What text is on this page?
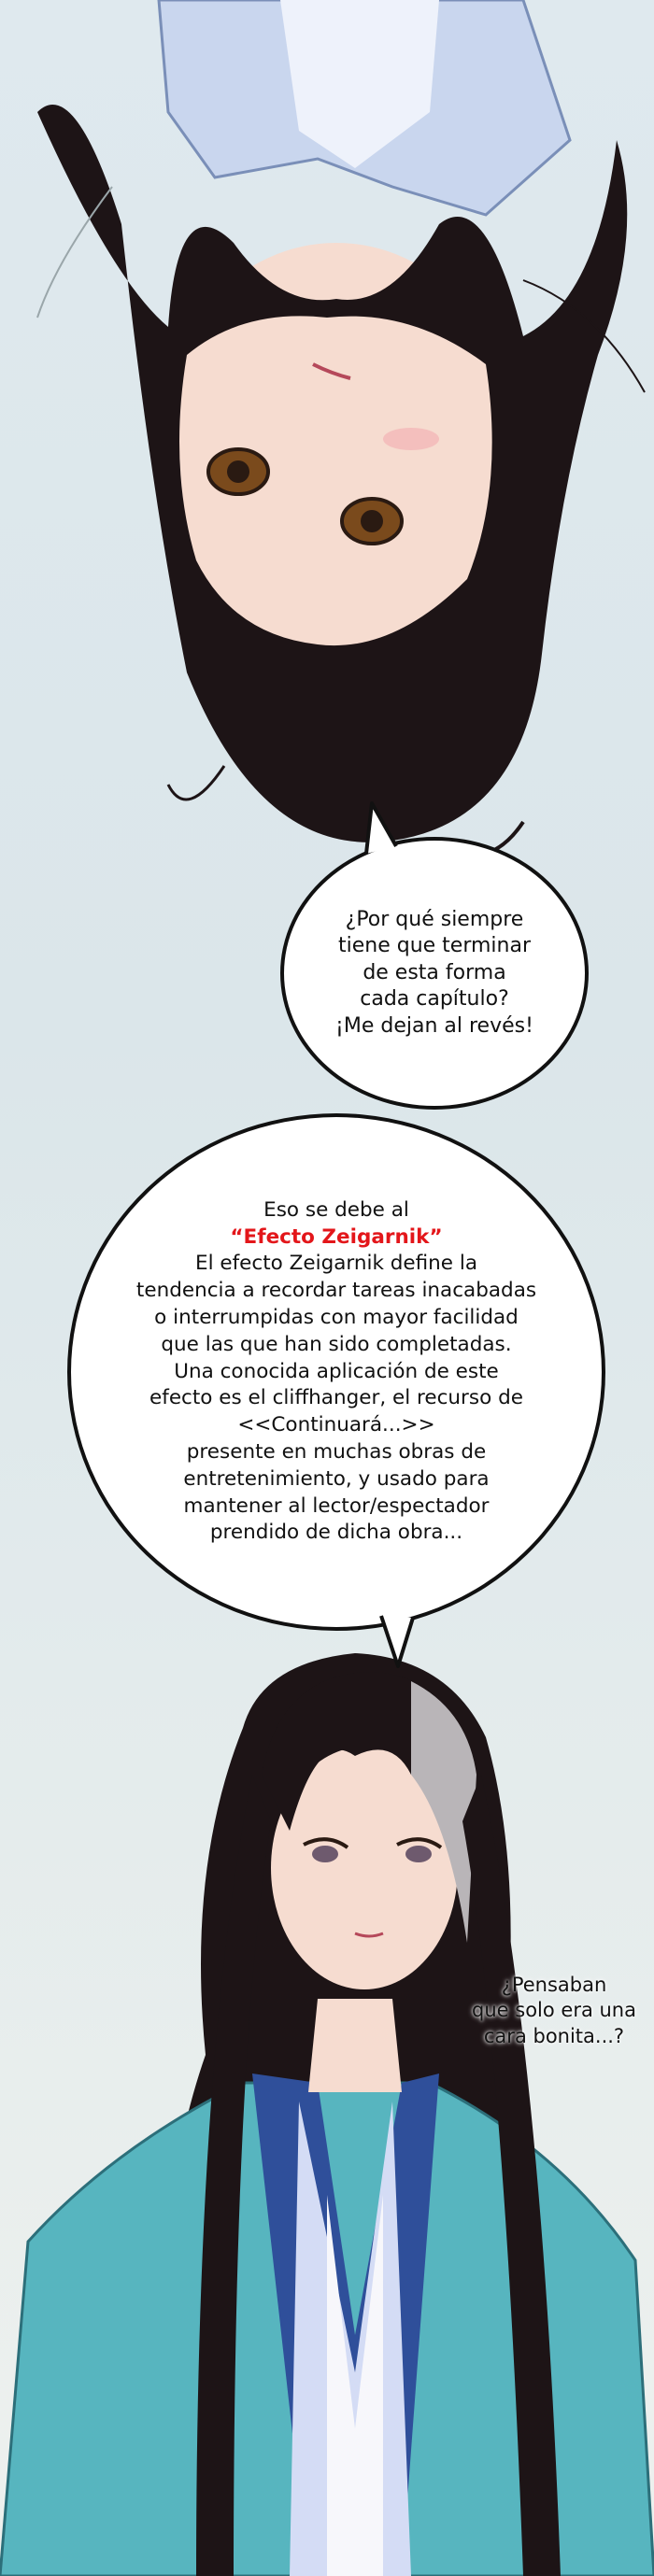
¿Por qué siempre
tiene que terminar
de esta forma
cada capítulo?
¡Me dejan al revés!
Eso se debe al
“Efecto Zeigarnik”
El efecto Zeigarnik define la
tendencia a recordar tareas inacabadas
o interrumpidas con mayor facilidad
que las que han sido completadas.
Una conocida aplicación de este
efecto es el cliffhanger, el recurso de
<<Continuará...>>
presente en muchas obras de
entretenimiento, y usado para
mantener al lector/espectador
prendido de dicha obra...
¿Pensaban
que solo era una
cara bonita...?
